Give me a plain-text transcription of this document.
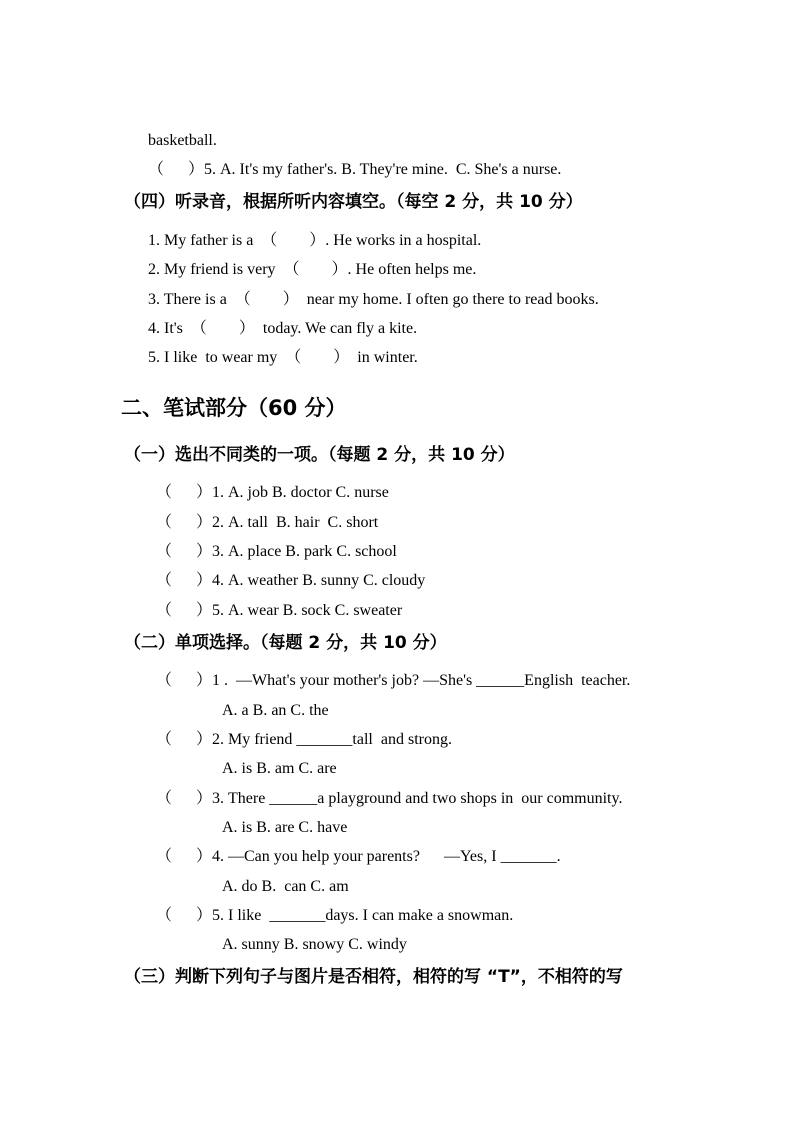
basketball.
（      ）5. A. It's my father's. B. They're mine.  C. She's a nurse.
（四）听录音，根据所听内容填空。（每空 2 分，共 10 分）
1. My father is a  （        ）. He works in a hospital.
2. My friend is very  （        ）. He often helps me.
3. There is a  （        ）  near my home. I often go there to read books.
4. It's  （        ）  today. We can fly a kite.
5. I like  to wear my  （        ）  in winter.
二、笔试部分（60 分）
（一）选出不同类的一项。（每题 2 分，共 10 分）
（      ）1. A. job B. doctor C. nurse
（      ）2. A. tall  B. hair  C. short
（      ）3. A. place B. park C. school
（      ）4. A. weather B. sunny C. cloudy
（      ）5. A. wear B. sock C. sweater
（二）单项选择。（每题 2 分，共 10 分）
（      ）1 .  —What's your mother's job? —She's ______English  teacher.
A. a B. an C. the
（      ）2. My friend _______tall  and strong.
A. is B. am C. are
（      ）3. There ______a playground and two shops in  our community.
A. is B. are C. have
（      ）4. —Can you help your parents?      —Yes, I _______.
A. do B.  can C. am
（      ）5. I like  _______days. I can make a snowman.
A. sunny B. snowy C. windy
（三）判断下列句子与图片是否相符，相符的写 “T”，不相符的写
